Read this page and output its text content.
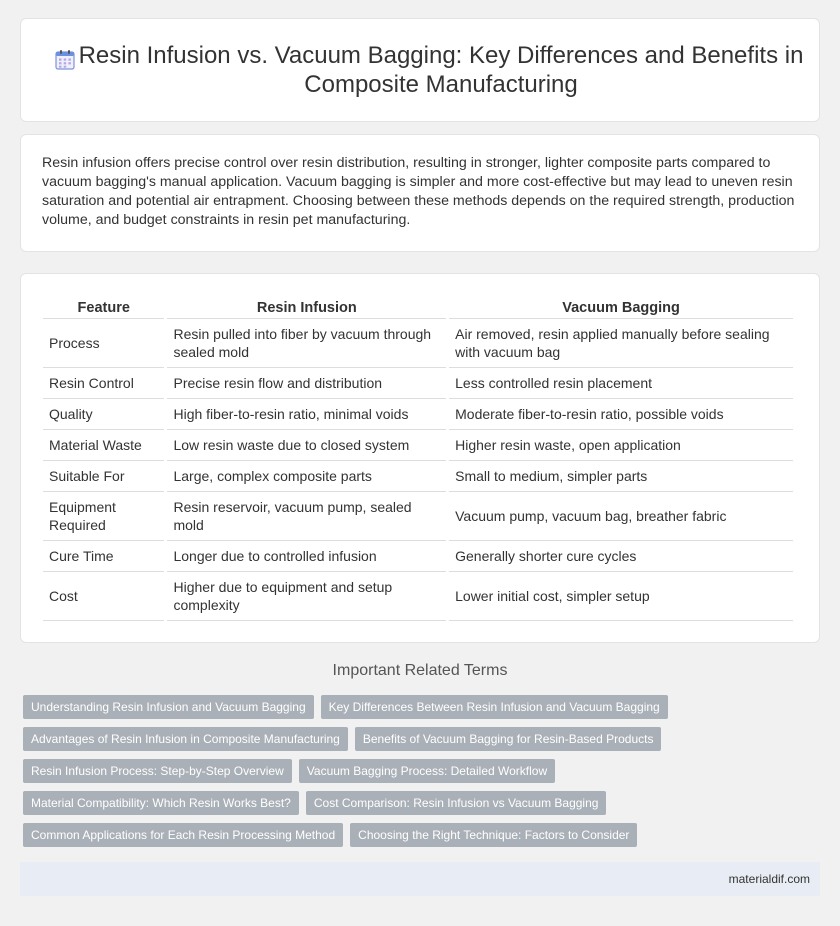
Resin Infusion vs. Vacuum Bagging: Key Differences and Benefits in Composite Manufacturing

Resin infusion offers precise control over resin distribution, resulting in stronger, lighter composite parts compared to vacuum bagging's manual application. Vacuum bagging is simpler and more cost-effective but may lead to uneven resin saturation and potential air entrapment. Choosing between these methods depends on the required strength, production volume, and budget constraints in resin pet manufacturing.

Feature	Resin Infusion	Vacuum Bagging
Process	Resin pulled into fiber by vacuum through sealed mold	Air removed, resin applied manually before sealing with vacuum bag
Resin Control	Precise resin flow and distribution	Less controlled resin placement
Quality	High fiber-to-resin ratio, minimal voids	Moderate fiber-to-resin ratio, possible voids
Material Waste	Low resin waste due to closed system	Higher resin waste, open application
Suitable For	Large, complex composite parts	Small to medium, simpler parts
Equipment Required	Resin reservoir, vacuum pump, sealed mold	Vacuum pump, vacuum bag, breather fabric
Cure Time	Longer due to controlled infusion	Generally shorter cure cycles
Cost	Higher due to equipment and setup complexity	Lower initial cost, simpler setup
Important Related Terms
Understanding Resin Infusion and Vacuum Bagging	Key Differences Between Resin Infusion and Vacuum Bagging
Advantages of Resin Infusion in Composite Manufacturing	Benefits of Vacuum Bagging for Resin-Based Products
Resin Infusion Process: Step-by-Step Overview	Vacuum Bagging Process: Detailed Workflow
Material Compatibility: Which Resin Works Best?	Cost Comparison: Resin Infusion vs Vacuum Bagging
Common Applications for Each Resin Processing Method	Choosing the Right Technique: Factors to Consider
materialdif.com
